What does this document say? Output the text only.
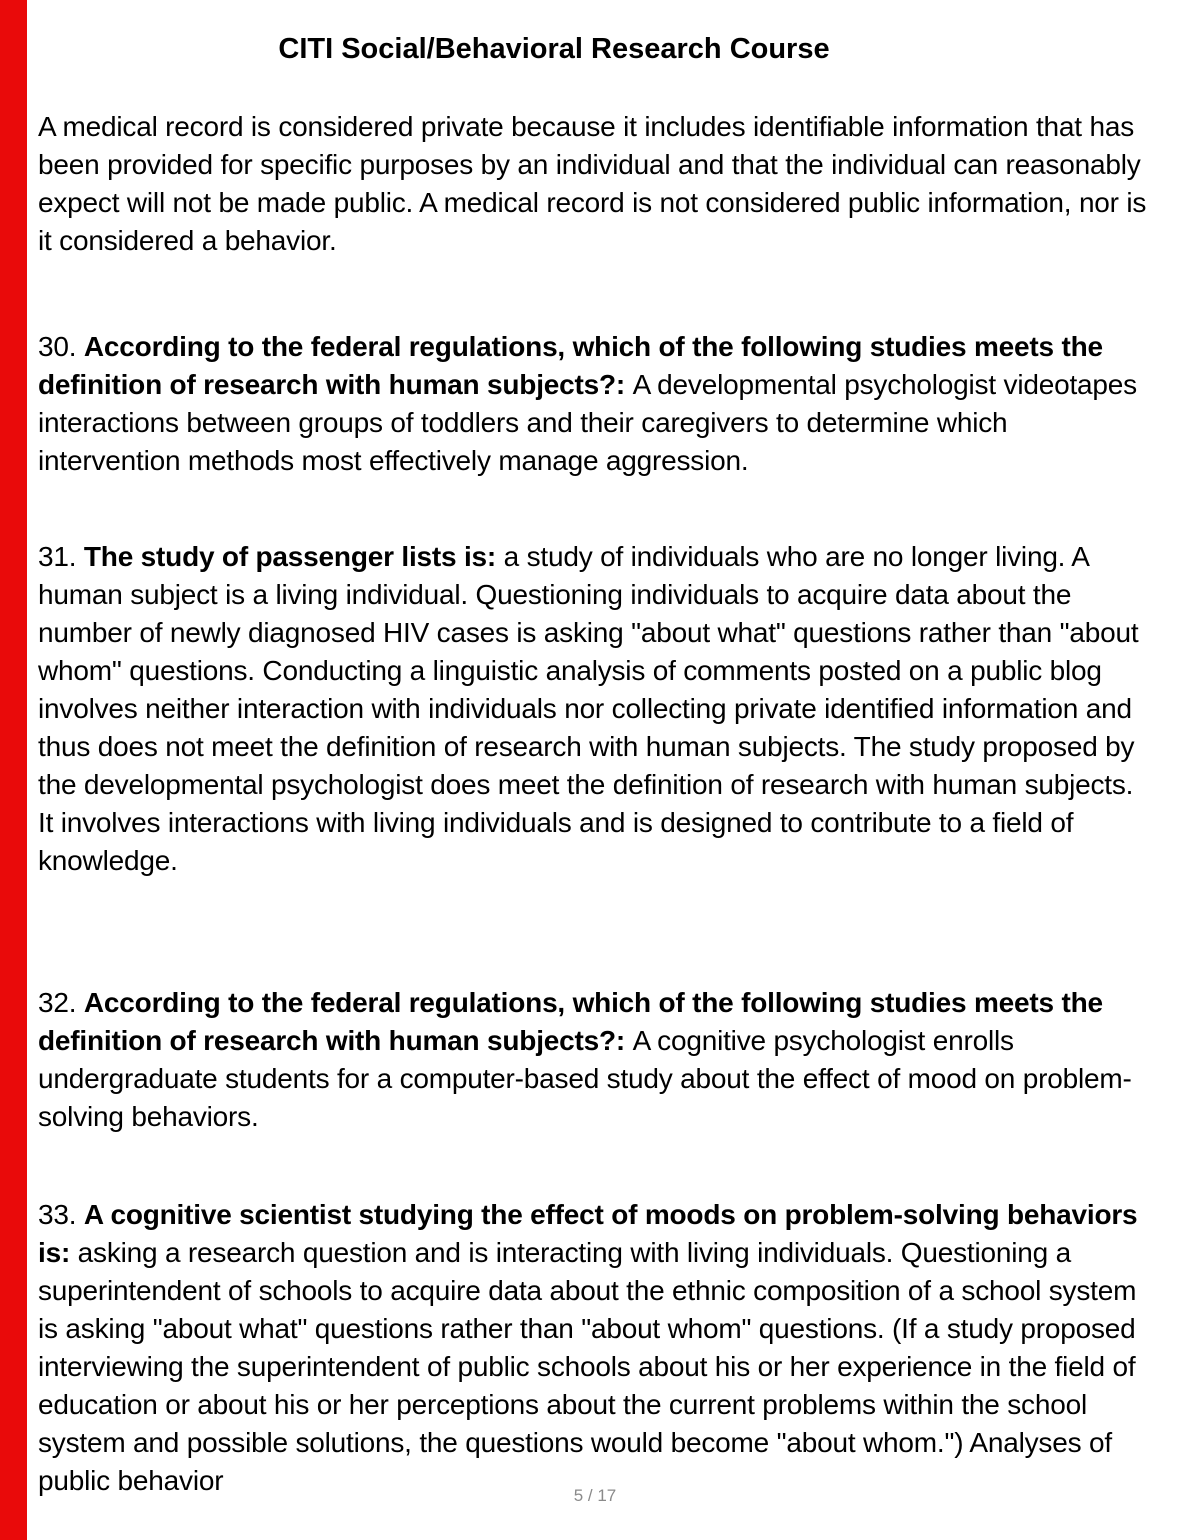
CITI Social/Behavioral Research Course

A medical record is considered private because it includes identifiable information that has been provided for specific purposes by an individual and that the individual can reasonably expect will not be made public. A medical record is not considered public information, nor is it considered a behavior.

30. According to the federal regulations, which of the following studies meets the definition of research with human subjects?: A developmental psychologist videotapes interactions between groups of toddlers and their caregivers to determine which intervention methods most effectively manage aggression.

31. The study of passenger lists is: a study of individuals who are no longer living. A human subject is a living individual. Questioning individuals to acquire data about the number of newly diagnosed HIV cases is asking "about what" questions rather than "about whom" questions. Conducting a linguistic analysis of comments posted on a public blog involves neither interaction with individuals nor collecting private identified information and thus does not meet the definition of research with human subjects. The study proposed by the developmental psychologist does meet the definition of research with human subjects. It involves interactions with living individuals and is designed to contribute to a field of knowledge.

32. According to the federal regulations, which of the following studies meets the definition of research with human subjects?: A cognitive psychologist enrolls undergraduate students for a computer-based study about the effect of mood on problem-solving behaviors.

33. A cognitive scientist studying the effect of moods on problem-solving behaviors is: asking a research question and is interacting with living individuals. Questioning a superintendent of schools to acquire data about the ethnic composition of a school system is asking "about what" questions rather than "about whom" questions. (If a study proposed interviewing the superintendent of public schools about his or her experience in the field of education or about his or her perceptions about the current problems within the school system and possible solutions, the questions would become "about whom.") Analyses of public behavior	5 / 17
